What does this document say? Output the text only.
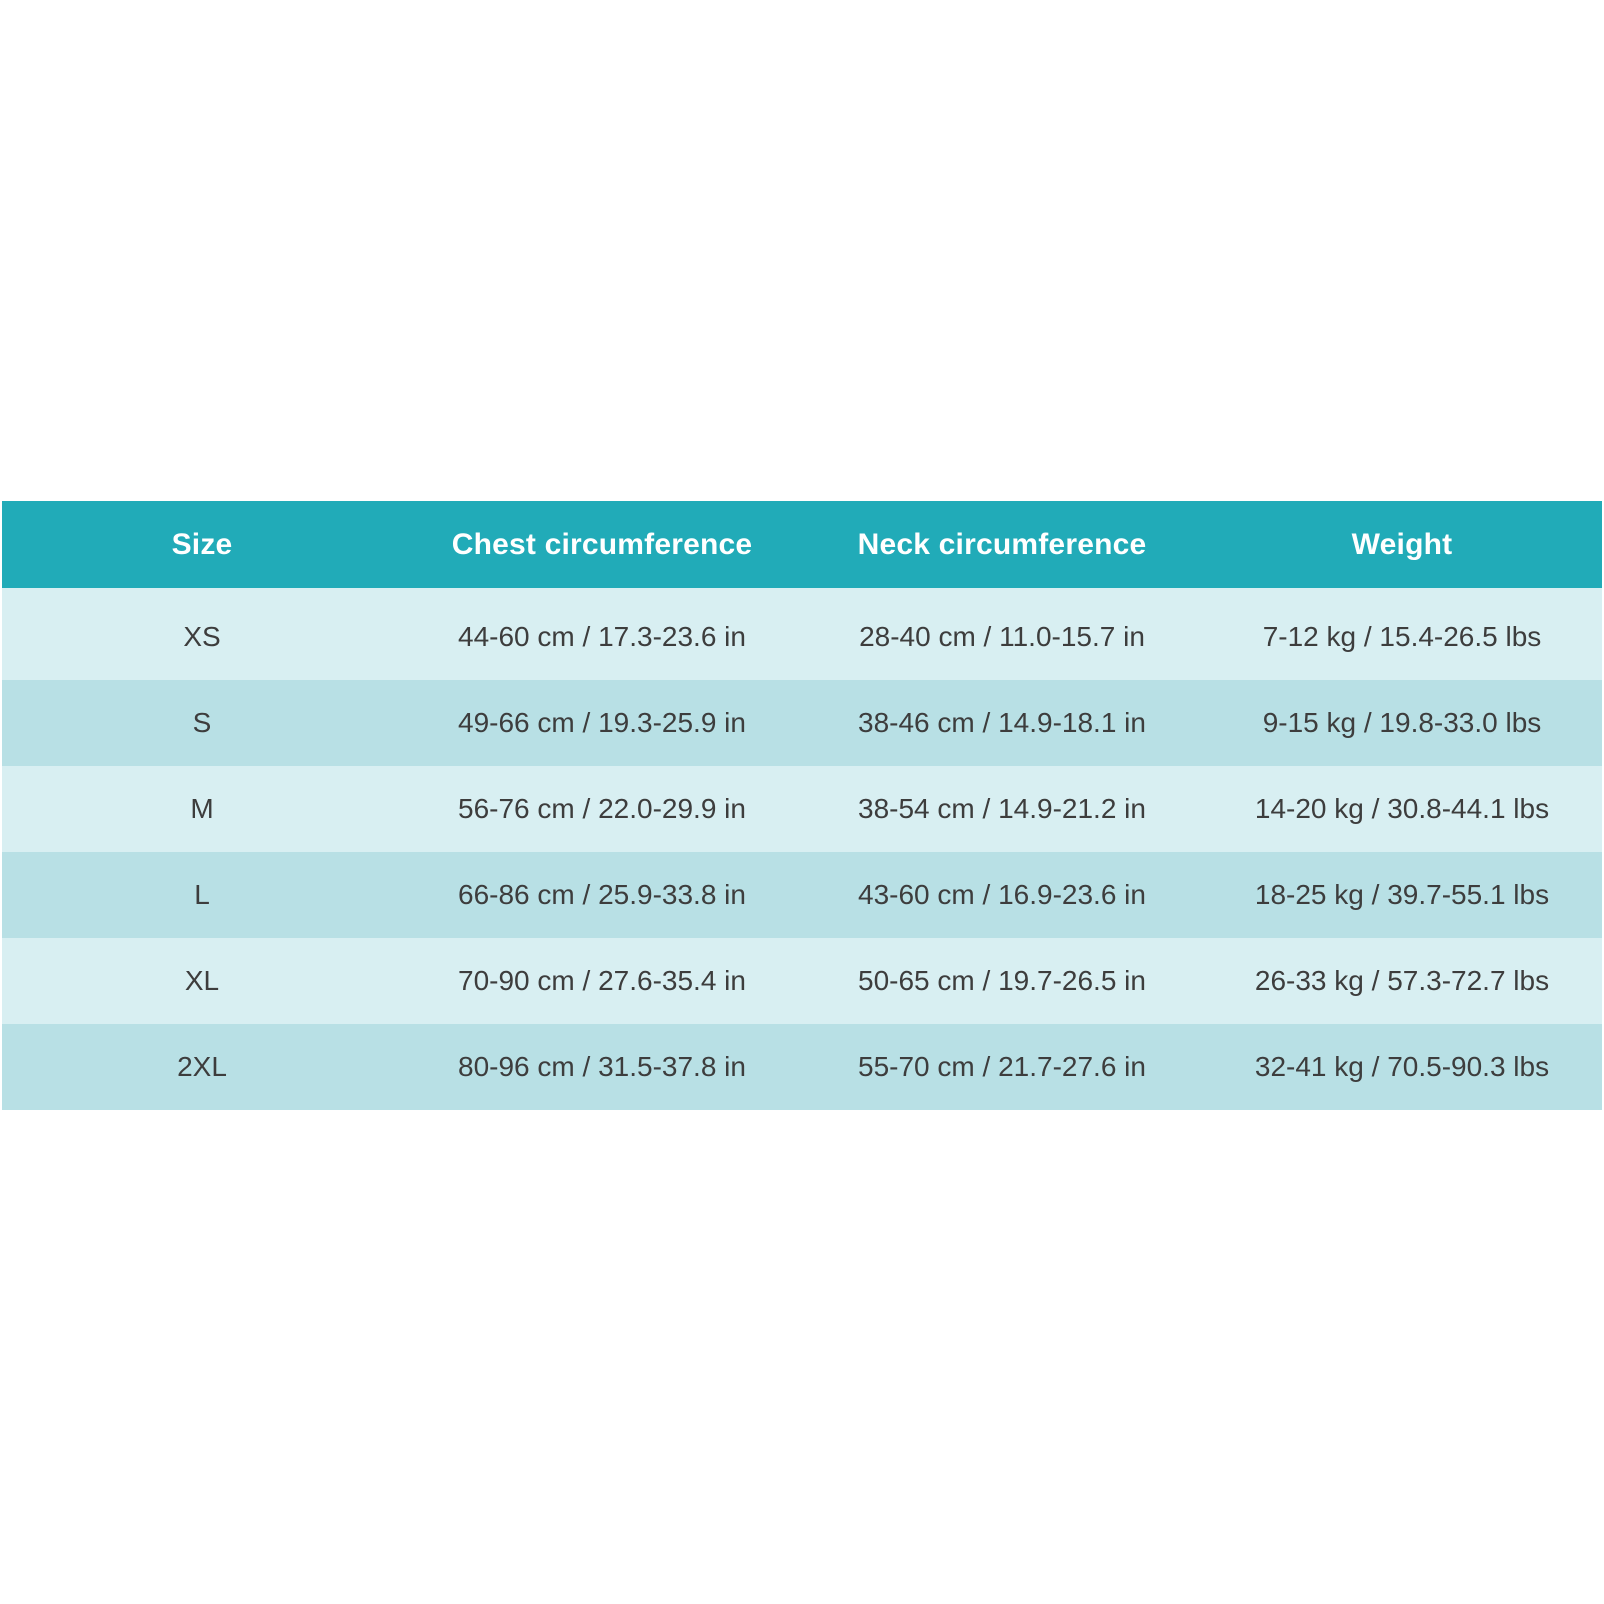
Size	Chest circumference	Neck circumference	Weight
XS	44-60 cm / 17.3-23.6 in	28-40 cm / 11.0-15.7 in	7-12 kg / 15.4-26.5 lbs
S	49-66 cm / 19.3-25.9 in	38-46 cm / 14.9-18.1 in	9-15 kg / 19.8-33.0 lbs
M	56-76 cm / 22.0-29.9 in	38-54 cm / 14.9-21.2 in	14-20 kg / 30.8-44.1 lbs
L	66-86 cm / 25.9-33.8 in	43-60 cm / 16.9-23.6 in	18-25 kg / 39.7-55.1 lbs
XL	70-90 cm / 27.6-35.4 in	50-65 cm / 19.7-26.5 in	26-33 kg / 57.3-72.7 lbs
2XL	80-96 cm / 31.5-37.8 in	55-70 cm / 21.7-27.6 in	32-41 kg / 70.5-90.3 lbs
